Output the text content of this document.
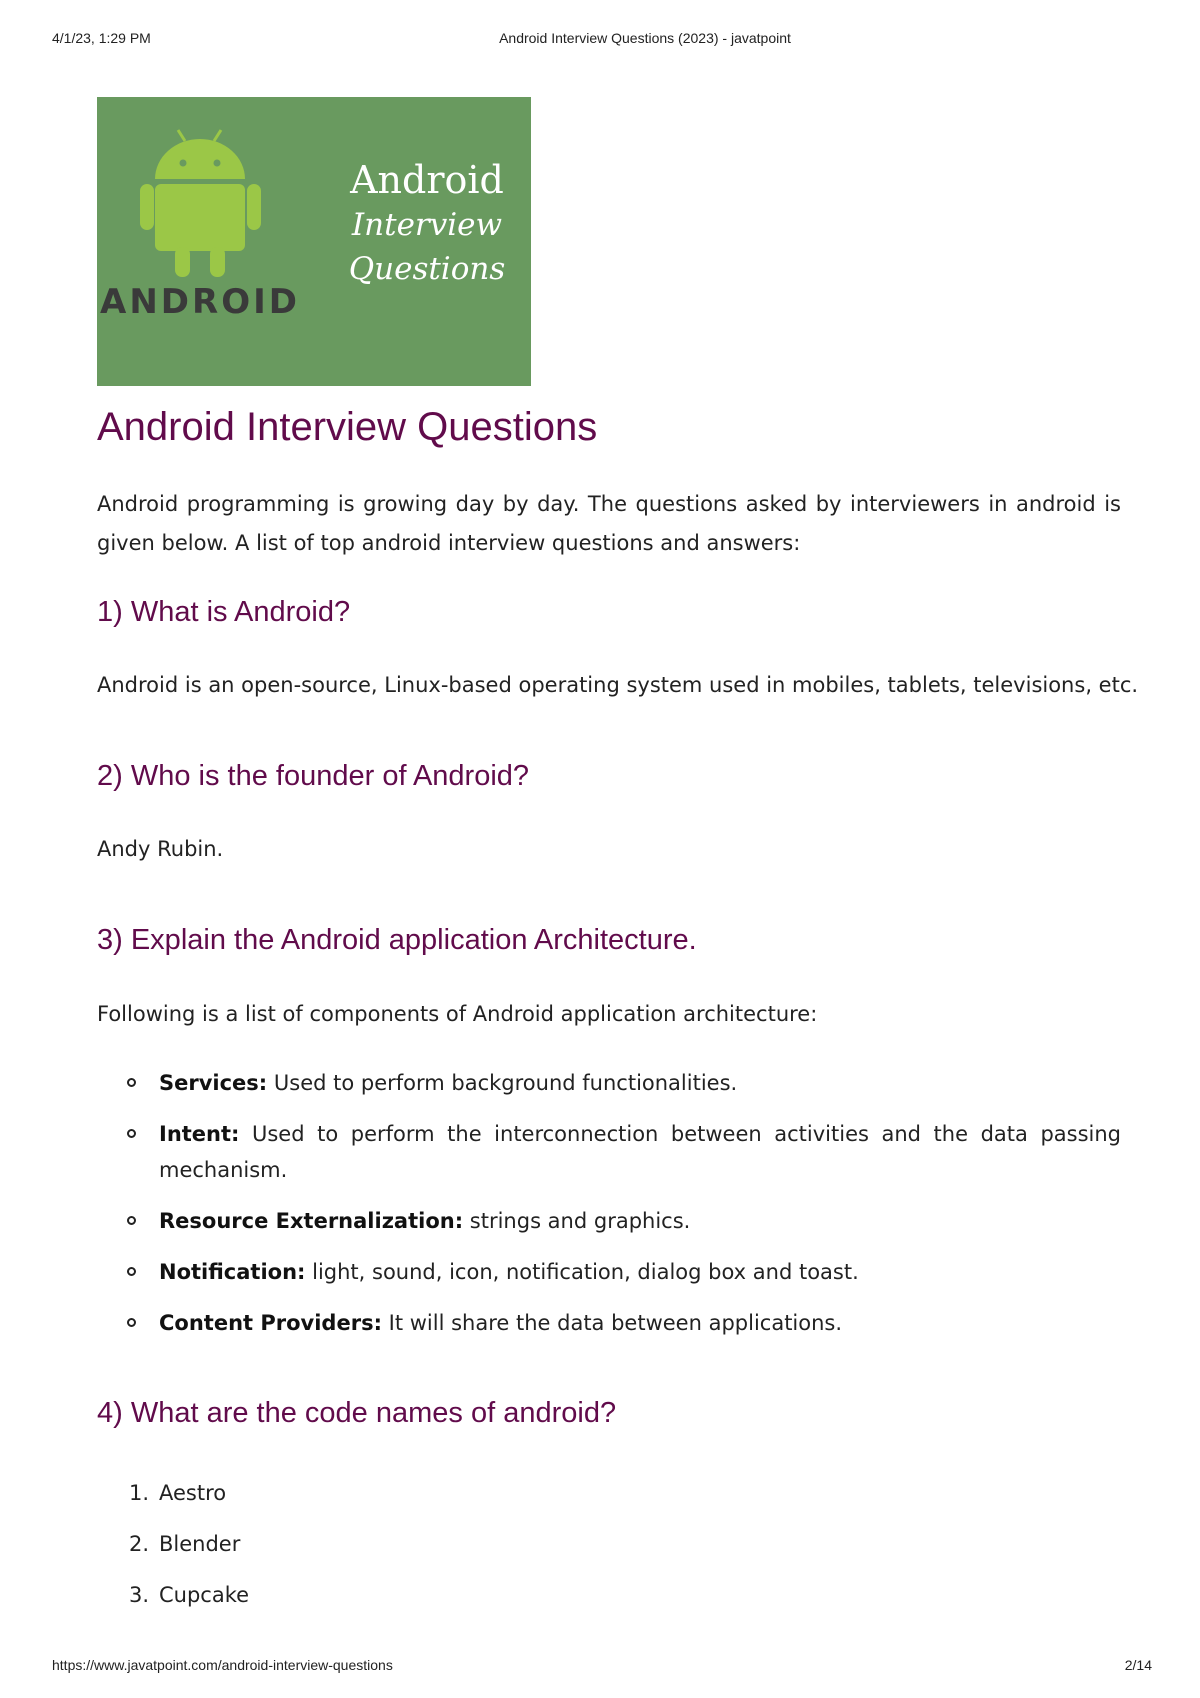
4/1/23, 1:29 PM	Android Interview Questions (2023) - javatpoint
ANDROID
Android
Interview
Questions
Android Interview Questions
Android programming is growing day by day. The questions asked by interviewers in android is given below. A list of top android interview questions and answers:
1) What is Android?
Android is an open-source, Linux-based operating system used in mobiles, tablets, televisions, etc.
2) Who is the founder of Android?
Andy Rubin.
3) Explain the Android application Architecture.
Following is a list of components of Android application architecture:
Services: Used to perform background functionalities.
Intent: Used to perform the interconnection between activities and the data passing mechanism.
Resource Externalization: strings and graphics.
Notification: light, sound, icon, notification, dialog box and toast.
Content Providers: It will share the data between applications.
4) What are the code names of android?
1. Aestro
2. Blender
3. Cupcake
https://www.javatpoint.com/android-interview-questions	2/14
